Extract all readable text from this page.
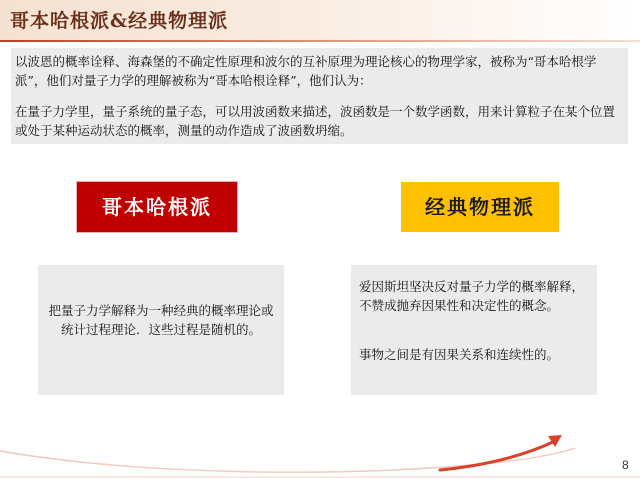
哥本哈根派&经典物理派

以波恩的概率诠释、海森堡的不确定性原理和波尔的互补原理为理论核心的物理学家，被称为“哥本哈根学派”，他们对量子力学的理解被称为“哥本哈根诠释”，他们认为：

在量子力学里，量子系统的量子态，可以用波函数来描述，波函数是一个数学函数，用来计算粒子在某个位置或处于某种运动状态的概率，测量的动作造成了波函数坍缩。

哥本哈根派	经典物理派

把量子力学解释为一种经典的概率理论或统计过程理论．这些过程是随机的。

爱因斯坦坚决反对量子力学的概率解释，不赞成抛弃因果性和决定性的概念。

事物之间是有因果关系和连续性的。

8
